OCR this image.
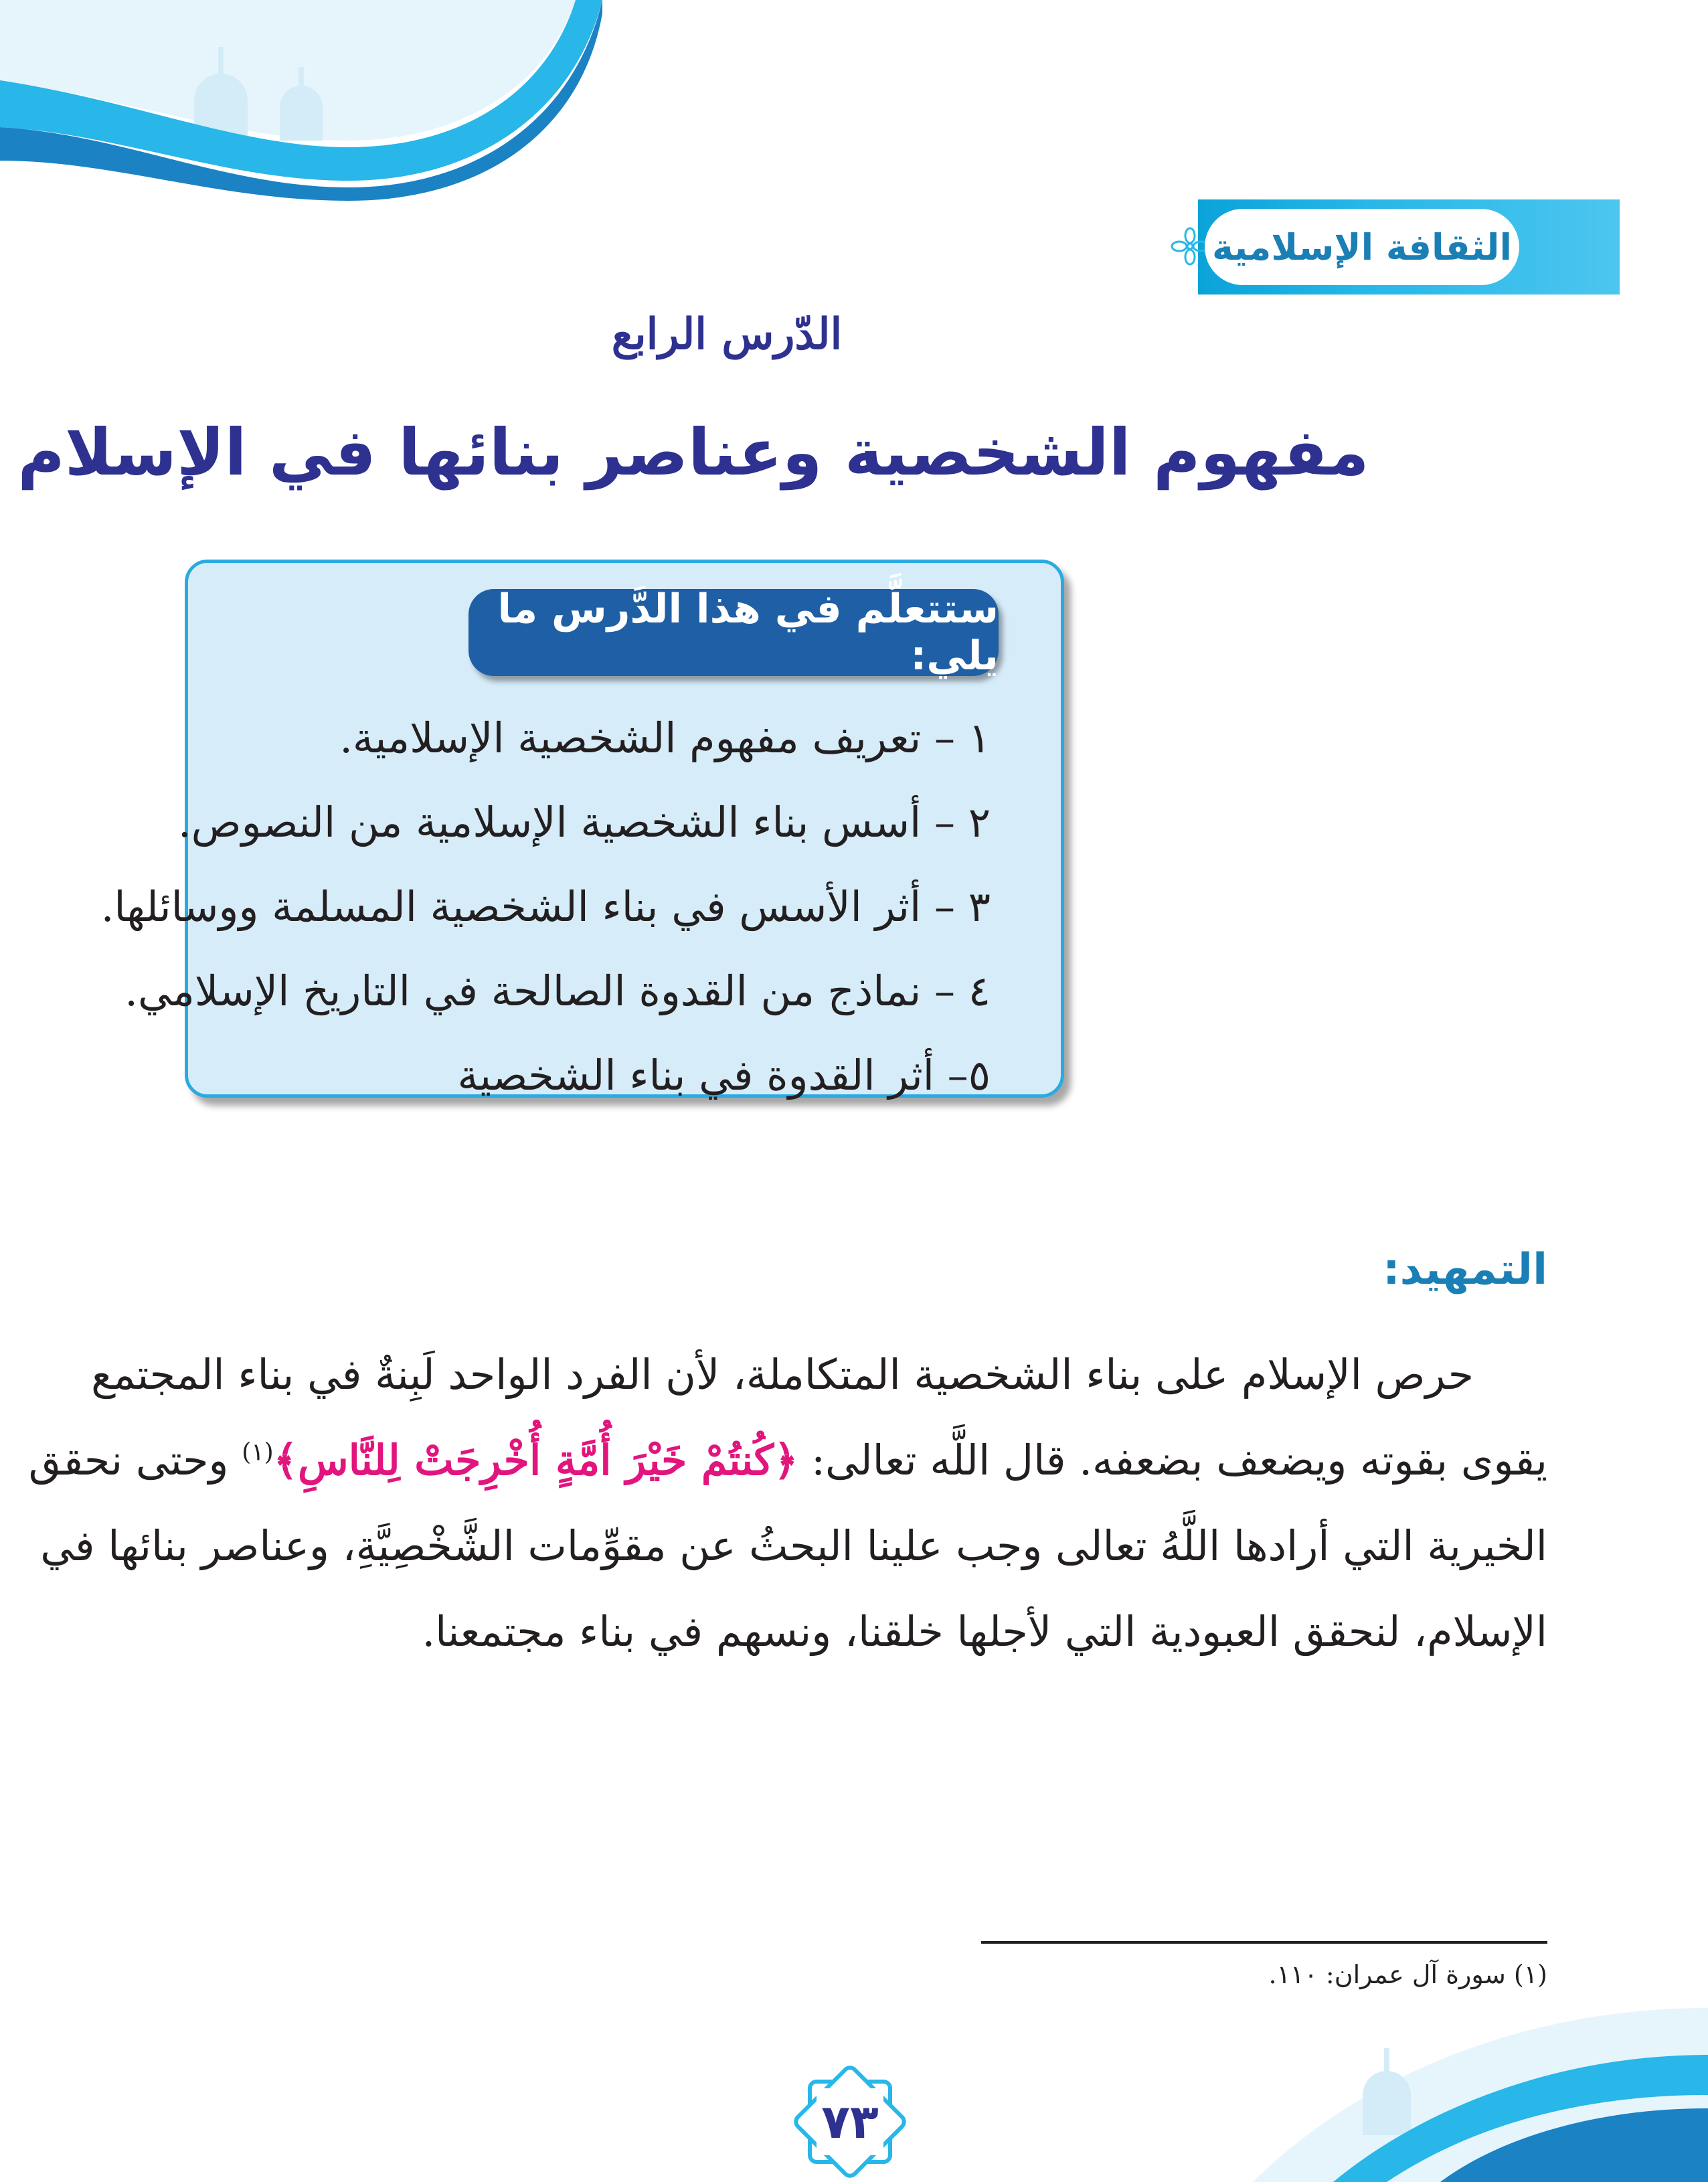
الثقافة الإسلامية
الدّرس الرابع
مفهوم الشخصية وعناصر بنائها في الإسلام
ستتعلَّم في هذا الدَّرس ما يلي:
١ – تعريف مفهوم الشخصية الإسلامية.
٢ – أسس بناء الشخصية الإسلامية من النصوص.
٣ – أثر الأسس في بناء الشخصية المسلمة ووسائلها.
٤ – نماذج من القدوة الصالحة في التاريخ الإسلامي.
٥– أثر القدوة في بناء الشخصية
التمهيد:

حرص الإسلام على بناء الشخصية المتكاملة، لأن الفرد الواحد لَبِنةٌ في بناء المجتمع

يقوى بقوته ويضعف بضعفه. قال اللَّه تعالى: ﴿كُنتُمْ خَيْرَ أُمَّةٍ أُخْرِجَتْ لِلنَّاسِ﴾$^{(١)}$ وحتى نحقق

الخيرية التي أرادها اللَّهُ تعالى وجب علينا البحثُ عن مقوِّمات الشَّخْصِيَّةِ، وعناصر بنائها في

الإسلام، لنحقق العبودية التي لأجلها خلقنا، ونسهم في بناء مجتمعنا.

(١) سورة آل عمران: ١١٠.
٧٣
